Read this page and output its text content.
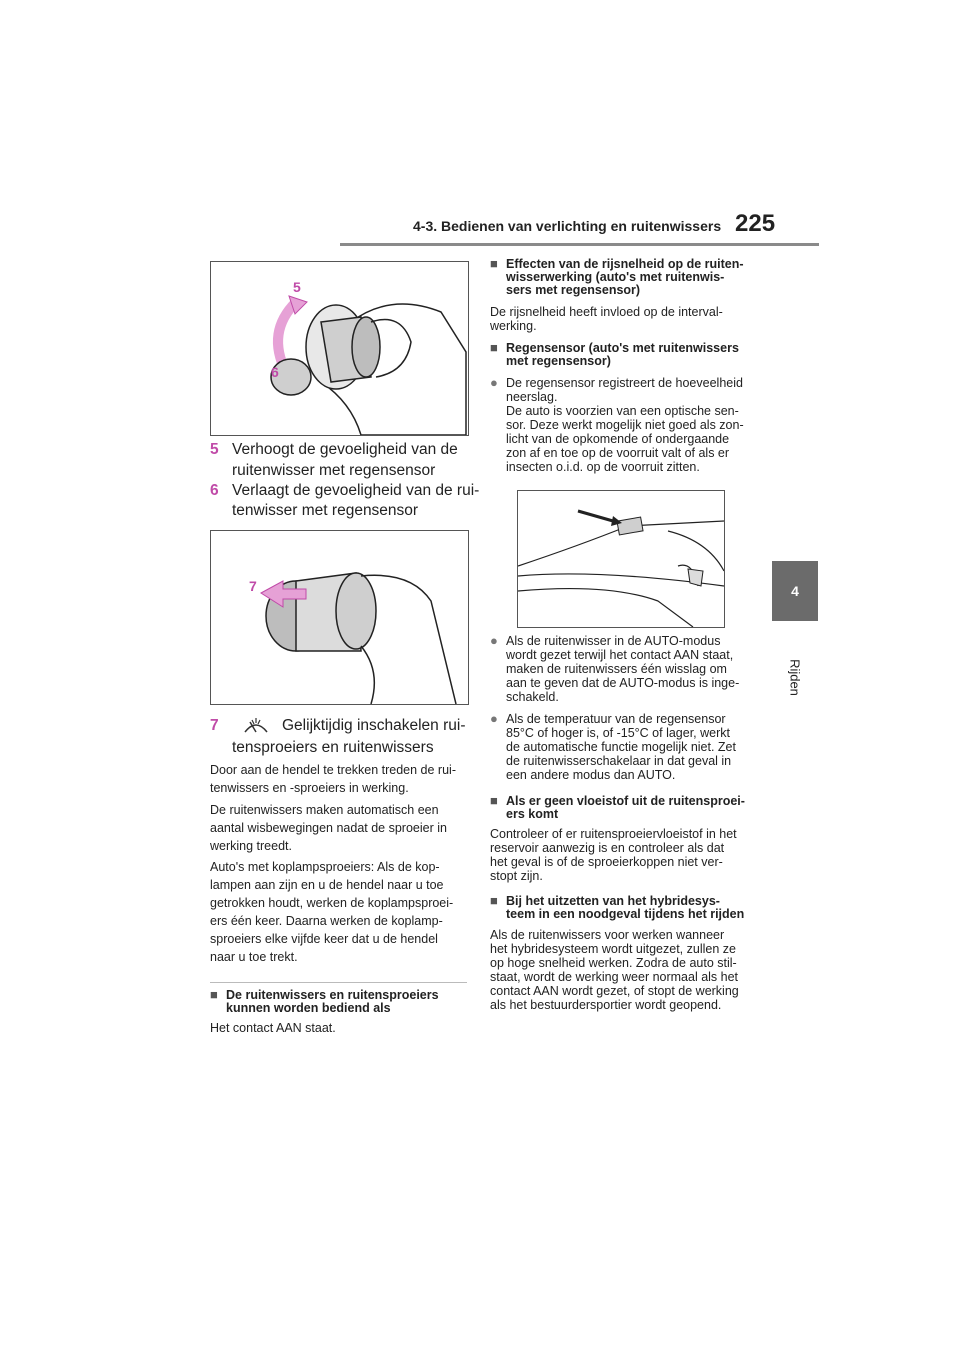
4-3. Bedienen van verlichting en ruitenwissers 225
4
Rijden
5
6
5 Verhoogt de gevoeligheid van de
ruitenwisser met regensensor
6 Verlaagt de gevoeligheid van de rui-
tenwisser met regensensor
7
7	Gelijktijdig inschakelen rui-
tensproeiers en ruitenwissers
Door aan de hendel te trekken treden de rui-
tenwissers en -sproeiers in werking.
De ruitenwissers maken automatisch een
aantal wisbewegingen nadat de sproeier in
werking treedt.
Auto's met koplampsproeiers: Als de kop-
lampen aan zijn en u de hendel naar u toe
getrokken houdt, werken de koplampsproei-
ers één keer. Daarna werken de koplamp-
sproeiers elke vijfde keer dat u de hendel
naar u toe trekt.
■ De ruitenwissers en ruitensproeiers
kunnen worden bediend als
Het contact AAN staat.
■ Effecten van de rijsnelheid op de ruiten-
wisserwerking (auto's met ruitenwis-
sers met regensensor)
De rijsnelheid heeft invloed op de interval-
werking.
■ Regensensor (auto's met ruitenwissers
met regensensor)
● De regensensor registreert de hoeveelheid
neerslag.
De auto is voorzien van een optische sen-
sor. Deze werkt mogelijk niet goed als zon-
licht van de opkomende of ondergaande
zon af en toe op de voorruit valt of als er
insecten o.i.d. op de voorruit zitten.
● Als de ruitenwisser in de AUTO-modus
wordt gezet terwijl het contact AAN staat,
maken de ruitenwissers één wisslag om
aan te geven dat de AUTO-modus is inge-
schakeld.
● Als de temperatuur van de regensensor
85°C of hoger is, of -15°C of lager, werkt
de automatische functie mogelijk niet. Zet
de ruitenwisserschakelaar in dat geval in
een andere modus dan AUTO.
■ Als er geen vloeistof uit de ruitensproei-
ers komt
Controleer of er ruitensproeiervloeistof in het
reservoir aanwezig is en controleer als dat
het geval is of de sproeierkoppen niet ver-
stopt zijn.
■ Bij het uitzetten van het hybridesys-
teem in een noodgeval tijdens het rijden
Als de ruitenwissers voor werken wanneer
het hybridesysteem wordt uitgezet, zullen ze
op hoge snelheid werken. Zodra de auto stil-
staat, wordt de werking weer normaal als het
contact AAN wordt gezet, of stopt de werking
als het bestuurdersportier wordt geopend.
